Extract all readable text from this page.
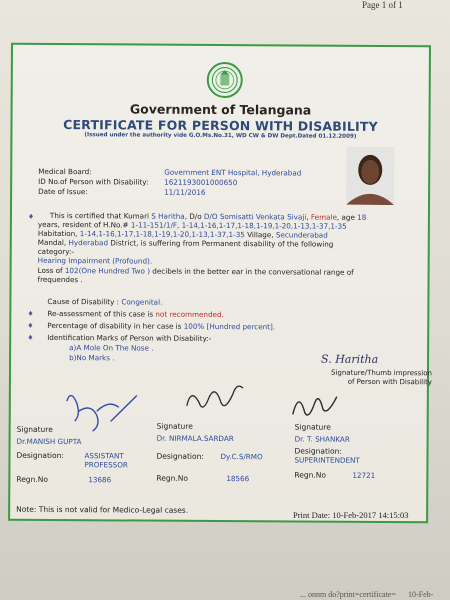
Page 1 of 1
Government of Telangana
CERTIFICATE FOR PERSON WITH DISABILITY
(Issued under the authority vide G.O.Ms.No.31, WD CW & DW Dept.Dated 01.12.2009)
Medical Board:	Government ENT Hospital, Hyderabad
ID No.of Person with Disability: 1621193001000650
Date of Issue:	11/11/2016
♦ This is certified that Kumari S Haritha, D/o D/O Somisatti Venkata Sivaji, Female, age 18
years, resident of H.No.# 1-11-151/1/F, 1-14,1-16,1-17,1-18,1-19,1-20,1-13,1-37,1-35
Habitation, 1-14,1-16,1-17,1-18,1-19,1-20,1-13,1-37,1-35 Village, Secunderabad
Mandal, Hyderabad District, is suffering from Permanent disability of the following
category:-
Hearing Impairment (Profound).
Loss of 102(One Hundred Two ) decibels in the better ear in the conversational range of
frequendes .
Cause of Disability : Congenital.
♦ Re-assessment of this case is not recommended.
♦ Percentage of disability in her case is 100% [Hundred percent].
♦ Identification Marks of Person with Disability:-
a)A Mole On The Nose .
b)No Marks .	S. Haritha
Signature/Thumb impression
of Person with Disability
Signature
Dr.MANISH GUPTA
Designation:	ASSISTANT PROFESSOR
Regn.No	13686
Signature
Dr. NIRMALA.SARDAR
Designation: Dy.C.S/RMO
Regn.No	18566
Signature
Dr. T. SHANKAR
Designation:
SUPERINTENDENT
Regn.No	12721
Note: This is not valid for Medico-Legal cases.
Print Date: 10-Feb-2017 14:15:03
... onnm do?print=certificate= 10-Feb-
